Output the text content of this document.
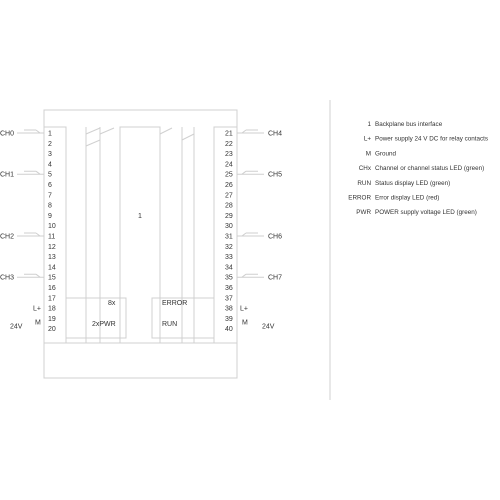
1
2
3
4
5
6
7
8
9
10
11
12
13
14
15
16
17
18
19
20
21
22
23
24
25
26
27
28
29
30
31
32
33
34
35
36
37
38
39
40
CH0
CH1
CH2
CH3
CH4
CH5
CH6
CH7
L+
M
24V
L+
M
24V
1
8x
2xPWR
ERROR
RUN
1 Backplane bus interface
L+ Power supply 24 V DC for relay contacts
M Ground
CHx Channel or channel status LED (green)
RUN Status display LED (green)
ERROR Error display LED (red)
PWR POWER supply voltage LED (green)
